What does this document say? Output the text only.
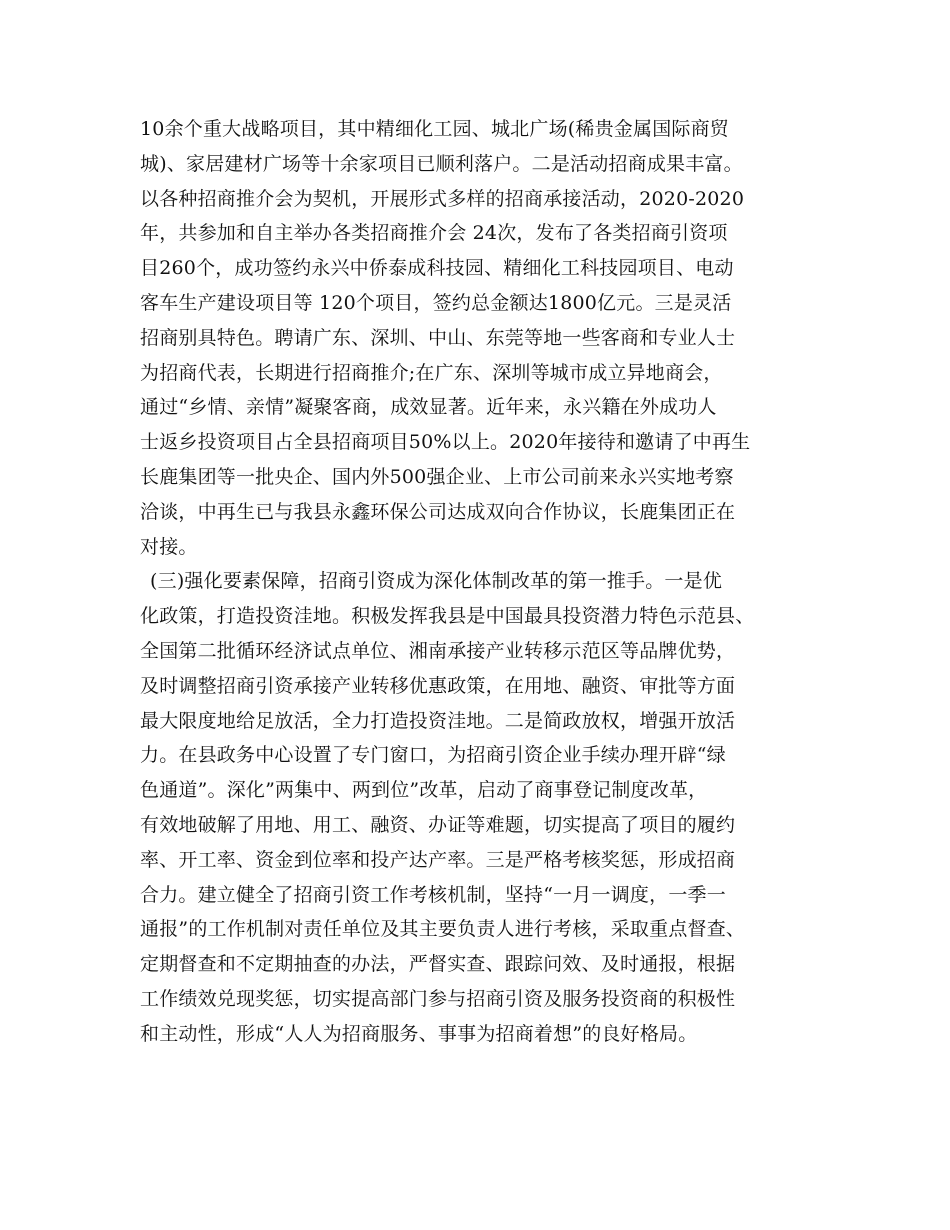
10余个重大战略项目，其中精细化工园、城北广场(稀贵金属国际商贸
城)、家居建材广场等十余家项目已顺利落户。二是活动招商成果丰富。
以各种招商推介会为契机，开展形式多样的招商承接活动，2020-2020
年，共参加和自主举办各类招商推介会 24次，发布了各类招商引资项
目260个，成功签约永兴中侨泰成科技园、精细化工科技园项目、电动
客车生产建设项目等 120个项目，签约总金额达1800亿元。三是灵活
招商别具特色。聘请广东、深圳、中山、东莞等地一些客商和专业人士
为招商代表，长期进行招商推介;在广东、深圳等城市成立异地商会，
通过“乡情、亲情”凝聚客商，成效显著。近年来，永兴籍在外成功人
士返乡投资项目占全县招商项目50%以上。2020年接待和邀请了中再生
长鹿集团等一批央企、国内外500强企业、上市公司前来永兴实地考察
洽谈，中再生已与我县永鑫环保公司达成双向合作协议，长鹿集团正在
对接。
(三)强化要素保障，招商引资成为深化体制改革的第一推手。一是优
化政策，打造投资洼地。积极发挥我县是中国最具投资潜力特色示范县、
全国第二批循环经济试点单位、湘南承接产业转移示范区等品牌优势，
及时调整招商引资承接产业转移优惠政策，在用地、融资、审批等方面
最大限度地给足放活，全力打造投资洼地。二是简政放权，增强开放活
力。在县政务中心设置了专门窗口，为招商引资企业手续办理开辟“绿
色通道”。深化”两集中、两到位”改革，启动了商事登记制度改革，
有效地破解了用地、用工、融资、办证等难题，切实提高了项目的履约
率、开工率、资金到位率和投产达产率。三是严格考核奖惩，形成招商
合力。建立健全了招商引资工作考核机制，坚持“一月一调度，一季一
通报”的工作机制对责任单位及其主要负责人进行考核，采取重点督查、
定期督查和不定期抽查的办法，严督实查、跟踪问效、及时通报，根据
工作绩效兑现奖惩，切实提高部门参与招商引资及服务投资商的积极性
和主动性，形成“人人为招商服务、事事为招商着想”的良好格局。
